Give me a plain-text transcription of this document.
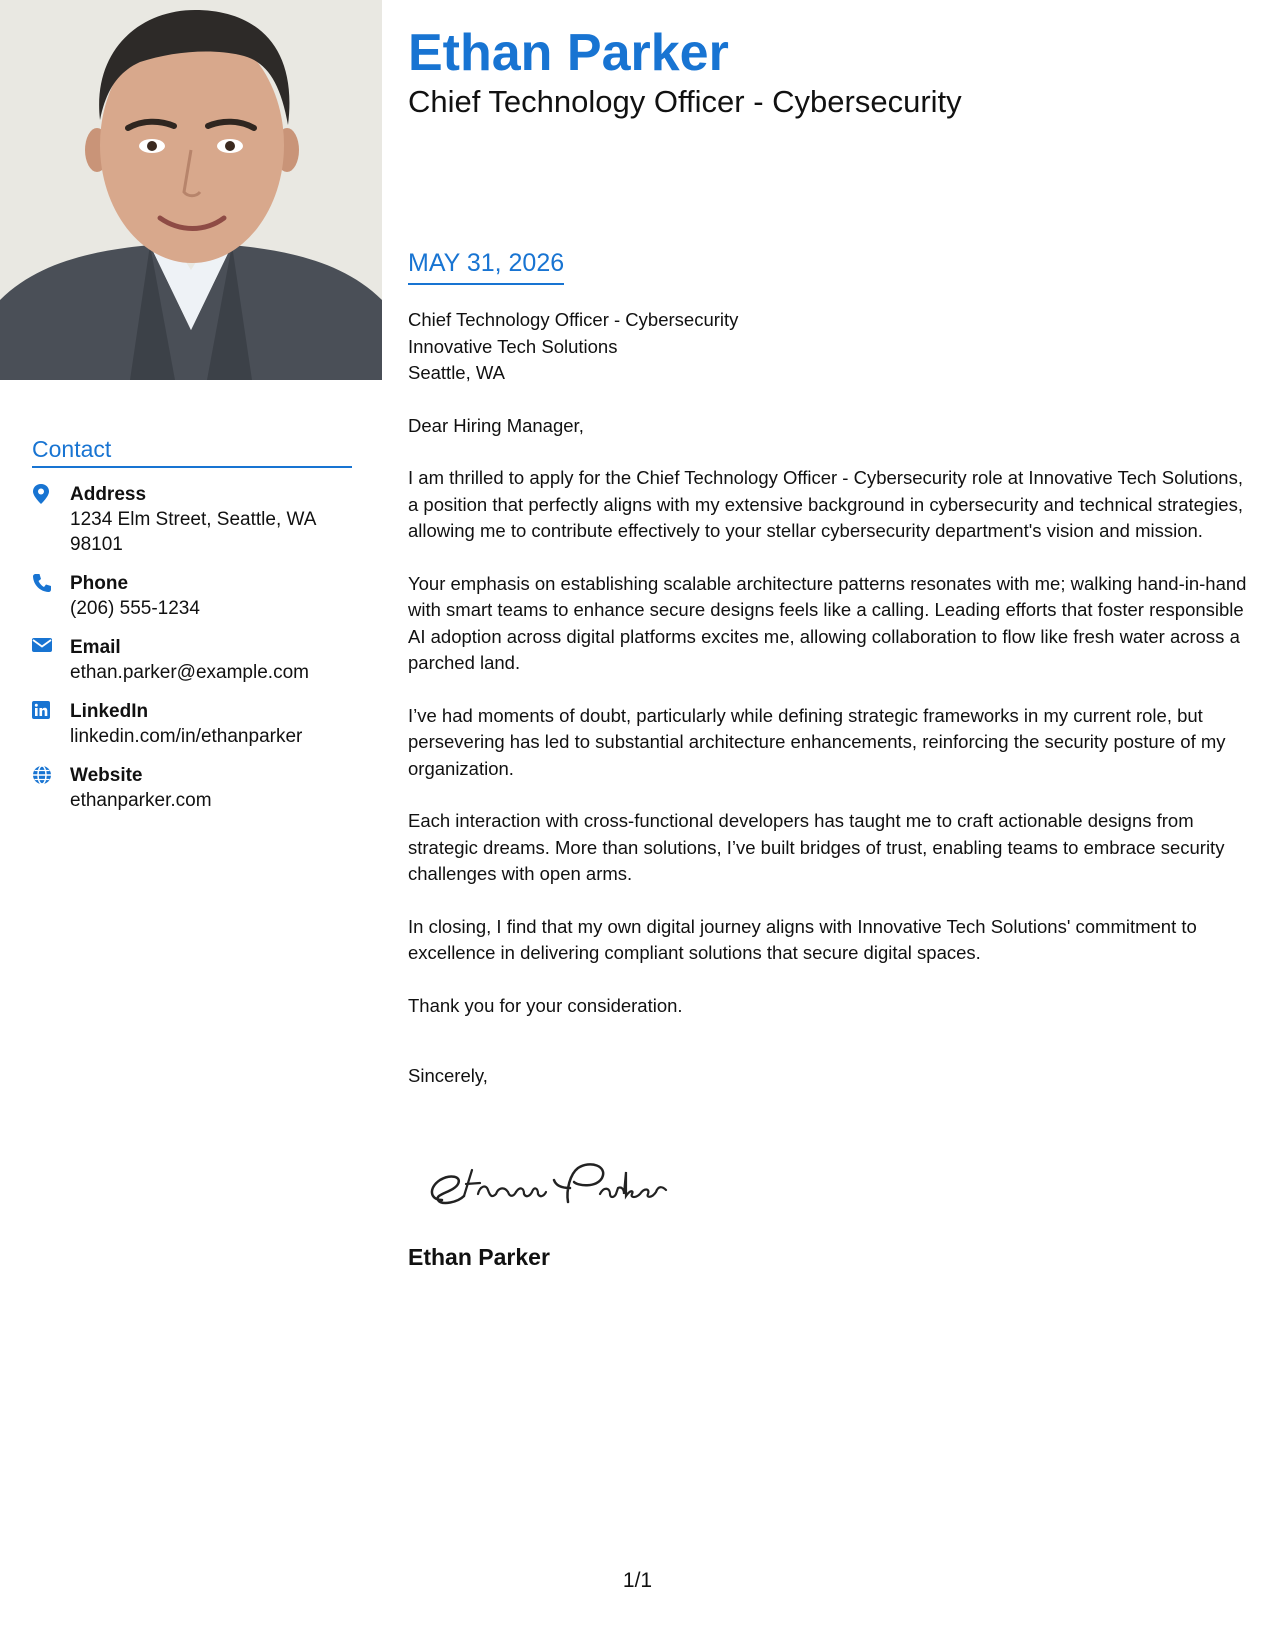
Contact
Address
1234 Elm Street, Seattle, WA 98101
Phone
(206) 555-1234
Email
ethan.parker@example.com
LinkedIn
linkedin.com/in/ethanparker
Website
ethanparker.com
Ethan Parker
Chief Technology Officer - Cybersecurity
MAY 31, 2026
Chief Technology Officer - Cybersecurity
Innovative Tech Solutions
Seattle, WA

Dear Hiring Manager,

I am thrilled to apply for the Chief Technology Officer - Cybersecurity role at Innovative Tech Solutions, a position that perfectly aligns with my extensive background in cybersecurity and technical strategies, allowing me to contribute effectively to your stellar cybersecurity department's vision and mission.

Your emphasis on establishing scalable architecture patterns resonates with me; walking hand-in-hand with smart teams to enhance secure designs feels like a calling. Leading efforts that foster responsible AI adoption across digital platforms excites me, allowing collaboration to flow like fresh water across a parched land.

I’ve had moments of doubt, particularly while defining strategic frameworks in my current role, but persevering has led to substantial architecture enhancements, reinforcing the security posture of my organization.

Each interaction with cross-functional developers has taught me to craft actionable designs from strategic dreams. More than solutions, I’ve built bridges of trust, enabling teams to embrace security challenges with open arms.

In closing, I find that my own digital journey aligns with Innovative Tech Solutions' commitment to excellence in delivering compliant solutions that secure digital spaces.

Thank you for your consideration.

Sincerely,

Ethan Parker
1/1
